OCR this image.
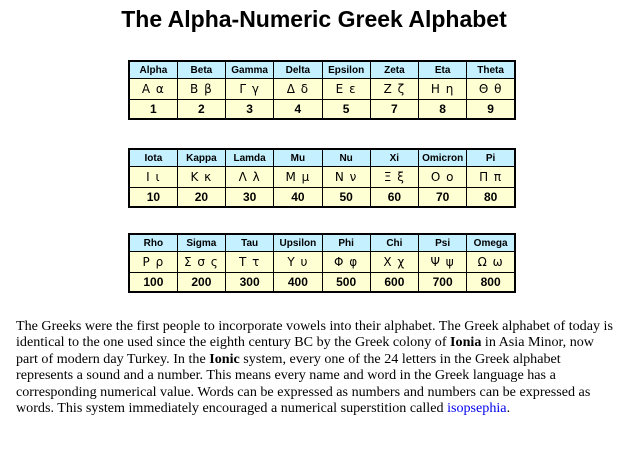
The Alpha-Numeric Greek Alphabet
Alpha	Beta	Gamma	Delta	Epsilon	Zeta	Eta	Theta
Α α	Β β	Γ γ	Δ δ	Ε ε	Ζ ζ	Η η	Θ θ
1	2	3	4	5	7	8	9
Iota	Kappa	Lamda	Mu	Nu	Xi	Omicron	Pi
Ι ι	Κ κ	Λ λ	Μ μ	Ν ν	Ξ ξ	Ο ο	Π π
10	20	30	40	50	60	70	80
Rho	Sigma	Tau	Upsilon	Phi	Chi	Psi	Omega
Ρ ρ	Σ σ ς	Τ τ	Υ υ	Φ φ	Χ χ	Ψ ψ	Ω ω
100	200	300	400	500	600	700	800
The Greeks were the first people to incorporate vowels into their alphabet. The Greek alphabet of today is identical to the one used since the eighth century BC by the Greek colony of Ionia in Asia Minor, now part of modern day Turkey. In the Ionic system, every one of the 24 letters in the Greek alphabet represents a sound and a number. This means every name and word in the Greek language has a corresponding numerical value. Words can be expressed as numbers and numbers can be expressed as words. This system immediately encouraged a numerical superstition called isopsephia.
